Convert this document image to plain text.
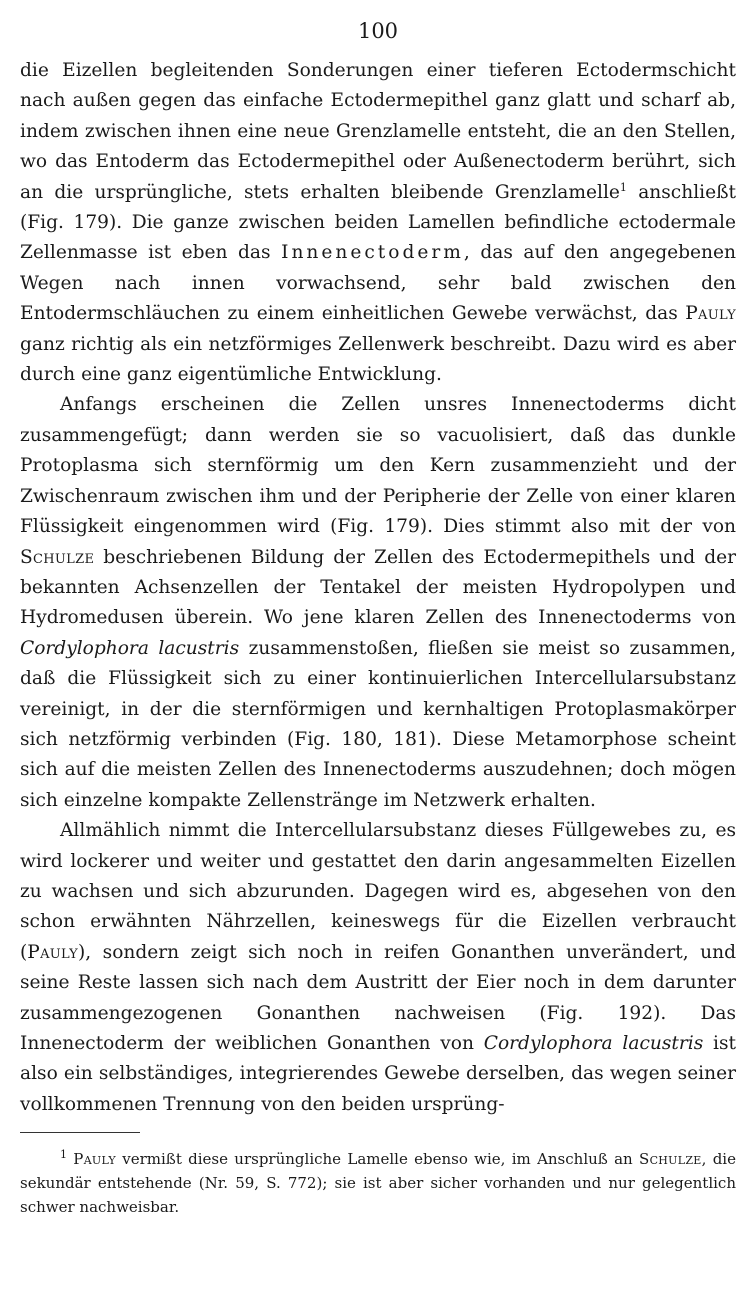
100

die Eizellen begleitenden Sonderungen einer tieferen Ectodermschicht nach außen gegen das einfache Ectodermepithel ganz glatt und scharf ab, indem zwischen ihnen eine neue Grenzlamelle entsteht, die an den Stellen, wo das Entoderm das Ectodermepithel oder Außenectoderm berührt, sich an die ursprüngliche, stets erhalten bleibende Grenzlamelle$^1$ anschließt (Fig. 179). Die ganze zwischen beiden Lamellen befindliche ectodermale Zellenmasse ist eben das Innenectoderm, das auf den angegebenen Wegen nach innen vorwachsend, sehr bald zwischen den Entodermschläuchen zu einem einheitlichen Gewebe verwächst, das Pauly ganz richtig als ein netzförmiges Zellenwerk beschreibt. Dazu wird es aber durch eine ganz eigentümliche Entwicklung.

Anfangs erscheinen die Zellen unsres Innenectoderms dicht zusammengefügt; dann werden sie so vacuolisiert, daß das dunkle Protoplasma sich sternförmig um den Kern zusammenzieht und der Zwischenraum zwischen ihm und der Peripherie der Zelle von einer klaren Flüssigkeit eingenommen wird (Fig. 179). Dies stimmt also mit der von Schulze beschriebenen Bildung der Zellen des Ectodermepithels und der bekannten Achsenzellen der Tentakel der meisten Hydropolypen und Hydromedusen überein. Wo jene klaren Zellen des Innenectoderms von Cordylophora lacustris zusammenstoßen, fließen sie meist so zusammen, daß die Flüssigkeit sich zu einer kontinuierlichen Intercellularsubstanz vereinigt, in der die sternförmigen und kernhaltigen Protoplasmakörper sich netzförmig verbinden (Fig. 180, 181). Diese Metamorphose scheint sich auf die meisten Zellen des Innenectoderms auszudehnen; doch mögen sich einzelne kompakte Zellenstränge im Netzwerk erhalten.

Allmählich nimmt die Intercellularsubstanz dieses Füllgewebes zu, es wird lockerer und weiter und gestattet den darin angesammelten Eizellen zu wachsen und sich abzurunden. Dagegen wird es, abgesehen von den schon erwähnten Nährzellen, keineswegs für die Eizellen verbraucht (Pauly), sondern zeigt sich noch in reifen Gonanthen unverändert, und seine Reste lassen sich nach dem Austritt der Eier noch in dem darunter zusammengezogenen Gonanthen nachweisen (Fig. 192). Das Innenectoderm der weiblichen Gonanthen von Cordylophora lacustris ist also ein selbständiges, integrierendes Gewebe derselben, das wegen seiner vollkommenen Trennung von den beiden ursprüng-

$^1$ Pauly vermißt diese ursprüngliche Lamelle ebenso wie, im Anschluß an Schulze, die sekundär entstehende (Nr. 59, S. 772); sie ist aber sicher vorhanden und nur gelegentlich schwer nachweisbar.
